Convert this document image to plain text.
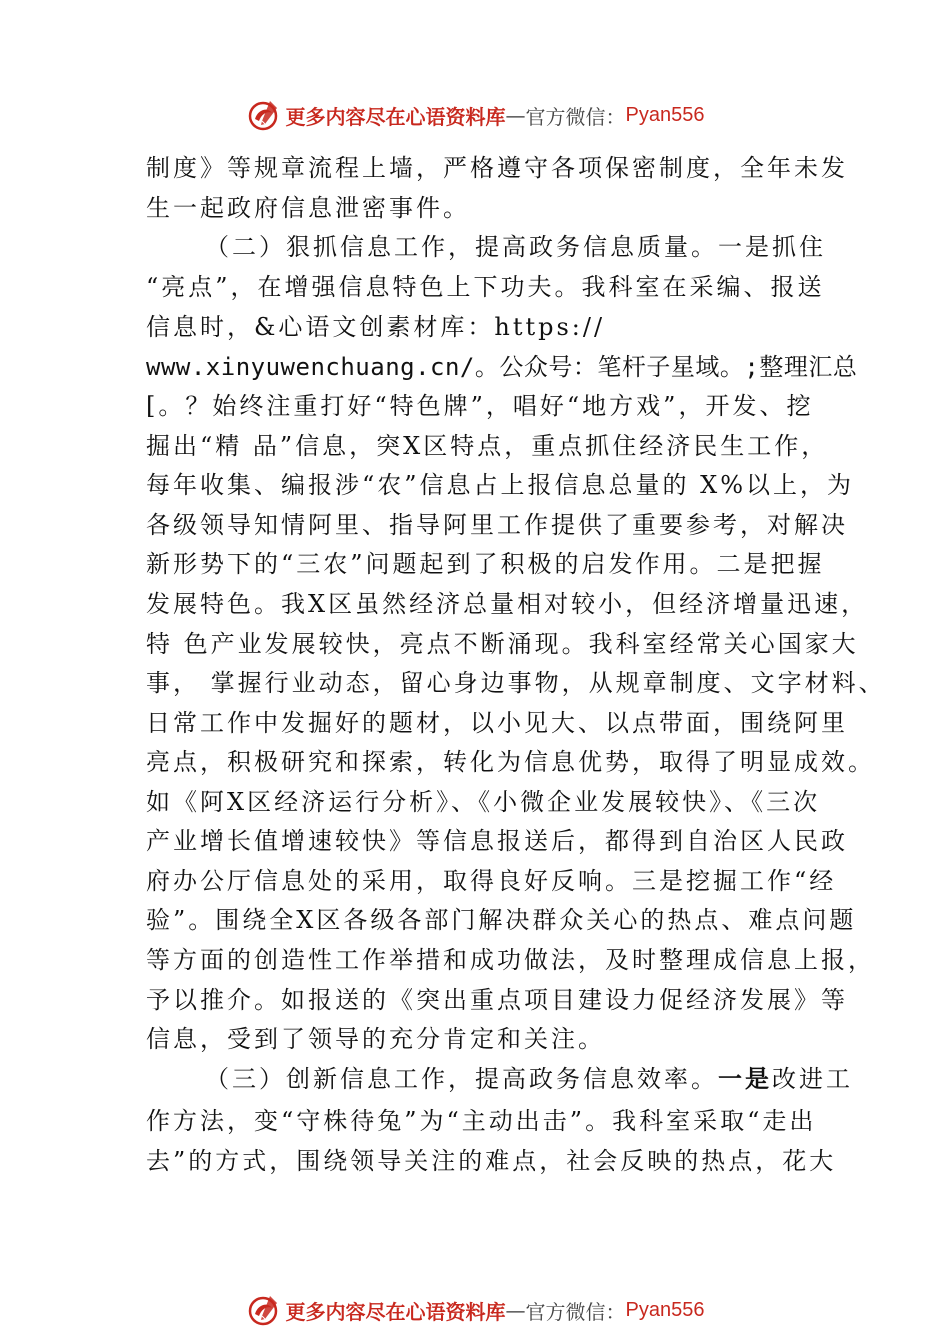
更多内容尽在心语资料库 — 官方微信： Pyan556
制度》等规章流程上墙，严格遵守各项保密制度，全年未发
生一起政府信息泄密事件。
（二）狠抓信息工作，提高政务信息质量。一是抓住
“亮点”，在增强信息特色上下功夫。我科室在采编、报送
信息时，&心语文创素材库：https://
www.xinyuwenchuang.cn/。公众号：笔杆子星域。;整理汇总
[。？始终注重打好“特色牌”，唱好“地方戏”，开发、挖
掘出“精 品”信息，突X区特点，重点抓住经济民生工作，
每年收集、编报涉“农”信息占上报信息总量的 X%以上，为
各级领导知情阿里、指导阿里工作提供了重要参考，对解决
新形势下的“三农”问题起到了积极的启发作用。二是把握
发展特色。我X区虽然经济总量相对较小，但经济增量迅速，
特 色产业发展较快，亮点不断涌现。我科室经常关心国家大
事， 掌握行业动态，留心身边事物，从规章制度、文字材料、
日常工作中发掘好的题材，以小见大、以点带面，围绕阿里
亮点，积极研究和探索，转化为信息优势，取得了明显成效。
如《阿X区经济运行分析》、《小微企业发展较快》、《三次
产业增长值增速较快》等信息报送后，都得到自治区人民政
府办公厅信息处的采用，取得良好反响。三是挖掘工作“经
验”。围绕全X区各级各部门解决群众关心的热点、难点问题
等方面的创造性工作举措和成功做法，及时整理成信息上报，
予以推介。如报送的《突出重点项目建设力促经济发展》等
信息，受到了领导的充分肯定和关注。
（三）创新信息工作，提高政务信息效率。一是改进工
作方法，变“守株待兔”为“主动出击”。我科室采取“走出
去”的方式，围绕领导关注的难点，社会反映的热点，花大
更多内容尽在心语资料库 — 官方微信： Pyan556
